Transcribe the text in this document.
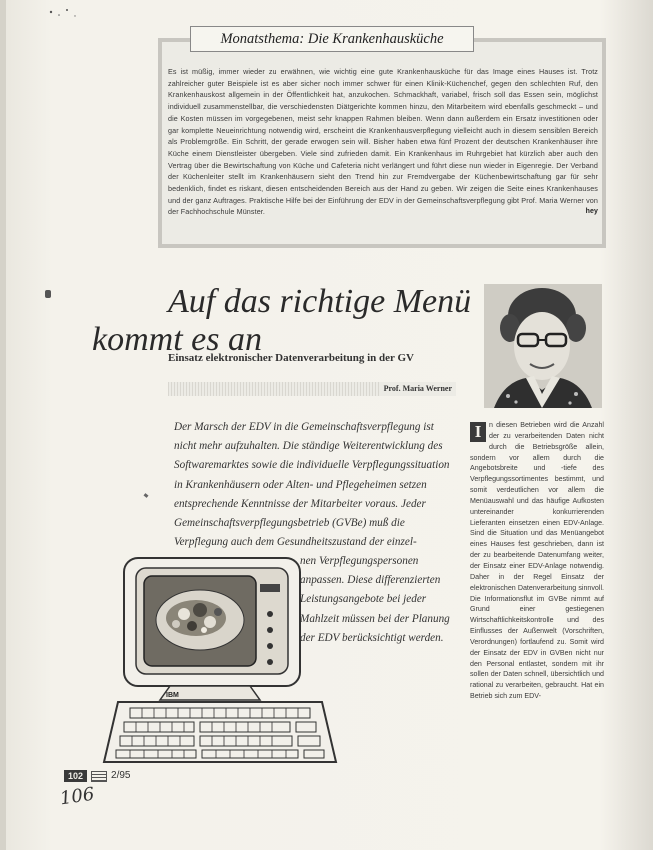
Monatsthema: Die Krankenhausküche
Es ist müßig, immer wieder zu erwähnen, wie wichtig eine gute Krankenhausküche für das Image eines Hauses ist. Trotz zahlreicher guter Beispiele ist es aber sicher noch immer schwer für einen Klinik-Küchenchef, gegen den schlechten Ruf, den Krankenhauskost allgemein in der Öffentlichkeit hat, anzukochen. Schmackhaft, variabel, frisch soll das Essen sein, möglichst individuell zusammenstellbar, die verschiedensten Diätgerichte kommen hinzu, den Mitarbeitern wird ebenfalls geschmeckt – und die Kosten müssen im vorgegebenen, meist sehr knappen Rahmen bleiben. Wenn dann außerdem ein Ersatz investitionen oder gar komplette Neueinrichtung notwendig wird, erscheint die Krankenhausverpflegung vielleicht auch in diesem sensiblen Bereich als Problemgröße. Ein Schritt, der gerade erwogen sein will. Bisher haben etwa fünf Prozent der deutschen Krankenhäuser ihre Küche einem Dienstleister übergeben. Viele sind zufrieden damit. Ein Krankenhaus im Ruhrgebiet hat kürzlich aber auch den Vertrag über die Bewirtschaftung von Küche und Cafeteria nicht verlängert und führt diese nun wieder in Eigenregie. Der Verband der Küchenleiter stellt im Krankenhäusern sieht den Trend hin zur Fremdvergabe der Küchenbewirtschaftung gar für sehr bedenklich, findet es riskant, diesen entscheidenden Bereich aus der Hand zu geben. Wir zeigen die Seite eines Krankenhauses und der ganz Auftrages. Praktische Hilfe bei der Einführung der EDV in der Gemeinschaftsverpflegung gibt Prof. Maria Werner von der Fachhochschule Münster.	hey
Auf das richtige Menü
kommt es an
Einsatz elektronischer Datenverarbeitung in der GV
Prof. Maria Werner
Der Marsch der EDV in die Gemeinschaftsverpflegung ist nicht mehr aufzuhalten. Die ständige Weiterentwicklung des Softwaremarktes sowie die individuelle Verpflegungssituation in Krankenhäusern oder Alten- und Pflegeheimen setzen entsprechende Kenntnisse der Mitarbeiter voraus. Jeder Gemeinschaftsverpflegungsbetrieb (GVBe) muß die Verpflegung auch dem Gesundheitszustand der einzel-
nen Verpflegungspersonen anpassen. Diese differenzierten Leistungsangebote bei jeder Mahlzeit müssen bei der Planung der EDV berücksichtigt werden.
IBM
I	n diesen Betrieben wird die Anzahl der zu verarbeitenden Daten nicht durch die Betriebsgröße allein, sondern vor allem durch die Angebotsbreite und -tiefe des Verpflegungssortimentes bestimmt, und somit verdeutlichen vor allem die Menüauswahl und das häufige Aufkosten untereinander konkurrierenden Lieferanten einsetzen einen EDV-Anlage. Sind die Situation und das Menüangebot eines Hauses fest geschrieben, dann ist der zu bearbeitende Datenumfang weiter, der Einsatz einer EDV-Anlage notwendig. Daher in der Regel Einsatz der elektronischen Datenverarbeitung sinnvoll. Die Informationsflut im GVBe nimmt auf Grund einer gestiegenen Wirtschaftlichkeitskontrolle und des Einflusses der Außenwelt (Vorschriften, Verordnungen) fortlaufend zu. Somit wird der Einsatz der EDV in GVBen nicht nur den Personal entlastet, sondern mit ihr sollen der Daten schnell, übersichtlich und rational zu verarbeiten, gebraucht. Hat ein Betrieb sich zum EDV-
102	2/95
106
